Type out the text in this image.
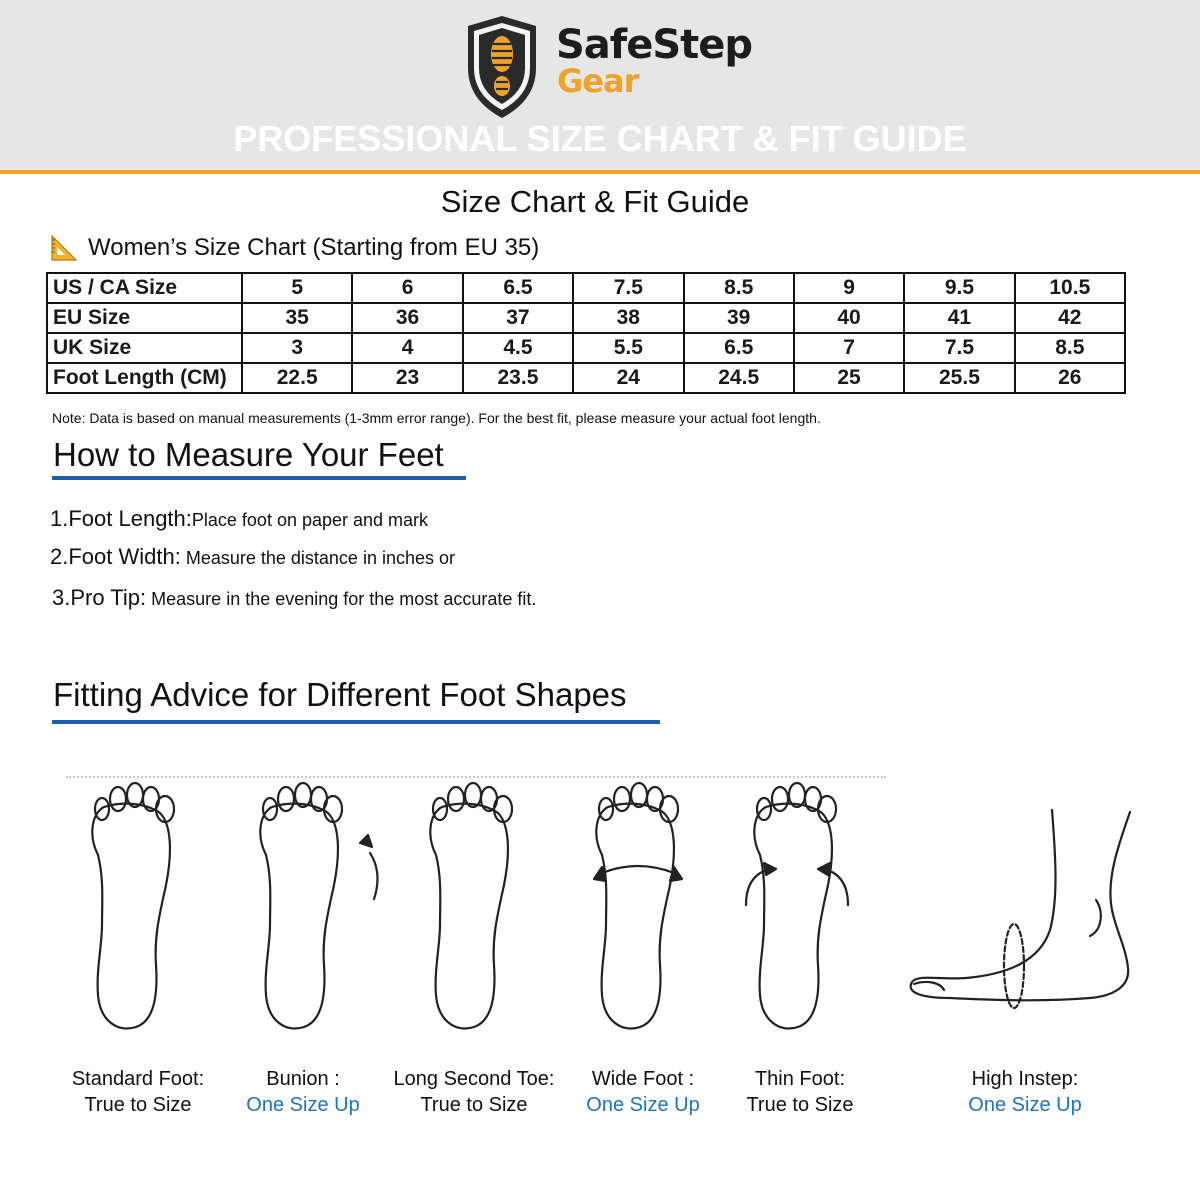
SafeStep
Gear
PROFESSIONAL SIZE CHART & FIT GUIDE
Size Chart & Fit Guide
Women’s Size Chart (Starting from EU 35)
US / CA Size	5	6	6.5	7.5	8.5	9	9.5	10.5
EU Size	35	36	37	38	39	40	41	42
UK Size	3	4	4.5	5.5	6.5	7	7.5	8.5
Foot Length (CM)	22.5	23	23.5	24	24.5	25	25.5	26
Note: Data is based on manual measurements (1-3mm error range). For the best fit, please measure your actual foot length.
How to Measure Your Feet
1.Foot Length:Place foot on paper and mark
2.Foot Width: Measure the distance in inches or
3.Pro Tip: Measure in the evening for the most accurate fit.
Fitting Advice for Different Foot Shapes
Standard Foot:
True to Size
Bunion :
One Size Up
Long Second Toe:
True to Size
Wide Foot :
One Size Up
Thin Foot:
True to Size
High Instep:
One Size Up
